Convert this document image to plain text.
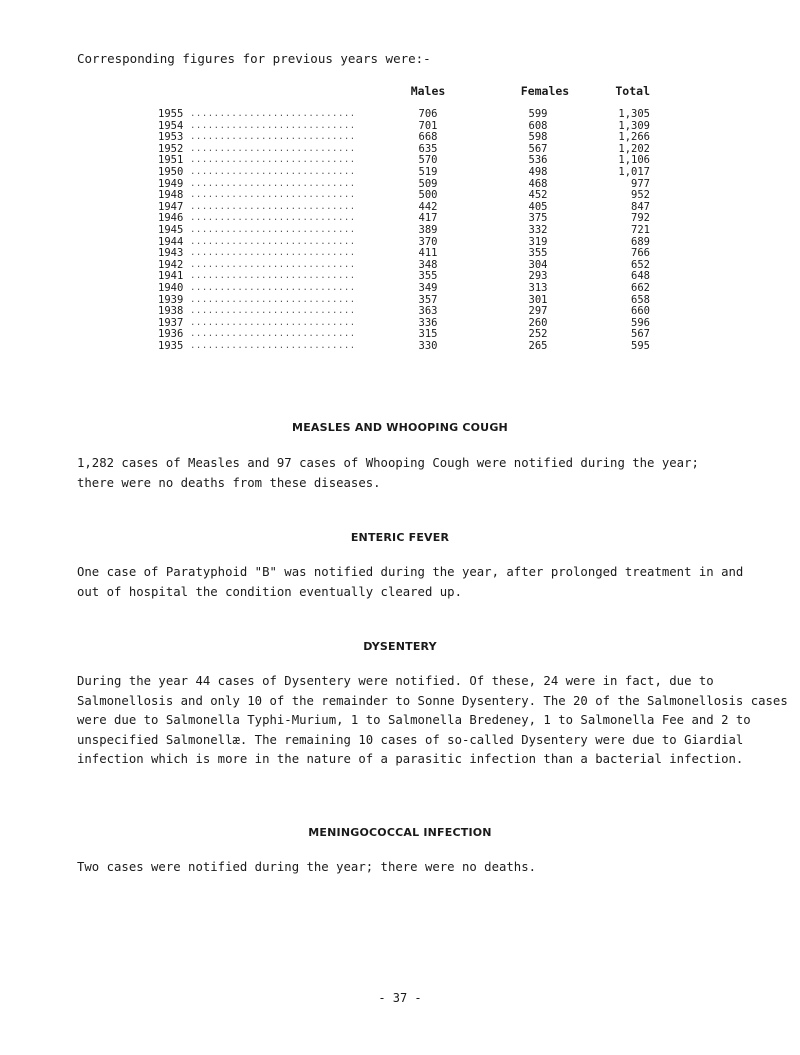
Corresponding figures for previous years were:-
Males	Females	Total
1955 ............................	706	599	1,305
1954 ............................	701	608	1,309
1953 ............................	668	598	1,266
1952 ............................	635	567	1,202
1951 ............................	570	536	1,106
1950 ............................	519	498	1,017
1949 ............................	509	468	977
1948 ............................	500	452	952
1947 ............................	442	405	847
1946 ............................	417	375	792
1945 ............................	389	332	721
1944 ............................	370	319	689
1943 ............................	411	355	766
1942 ............................	348	304	652
1941 ............................	355	293	648
1940 ............................	349	313	662
1939 ............................	357	301	658
1938 ............................	363	297	660
1937 ............................	336	260	596
1936 ............................	315	252	567
1935 ............................	330	265	595
MEASLES AND WHOOPING COUGH
1,282 cases of Measles and 97 cases of Whooping Cough were notified during the year;
there were no deaths from these diseases.
ENTERIC FEVER
One case of Paratyphoid "B" was notified during the year, after prolonged treatment in and
out of hospital the condition eventually cleared up.
DYSENTERY
During the year 44 cases of Dysentery were notified. Of these, 24 were in fact, due to
Salmonellosis and only 10 of the remainder to Sonne Dysentery. The 20 of the Salmonellosis cases
were due to Salmonella Typhi-Murium, 1 to Salmonella Bredeney, 1 to Salmonella Fee and 2 to
unspecified Salmonellæ. The remaining 10 cases of so-called Dysentery were due to Giardial
infection which is more in the nature of a parasitic infection than a bacterial infection.
MENINGOCOCCAL INFECTION
Two cases were notified during the year; there were no deaths.
- 37 -
